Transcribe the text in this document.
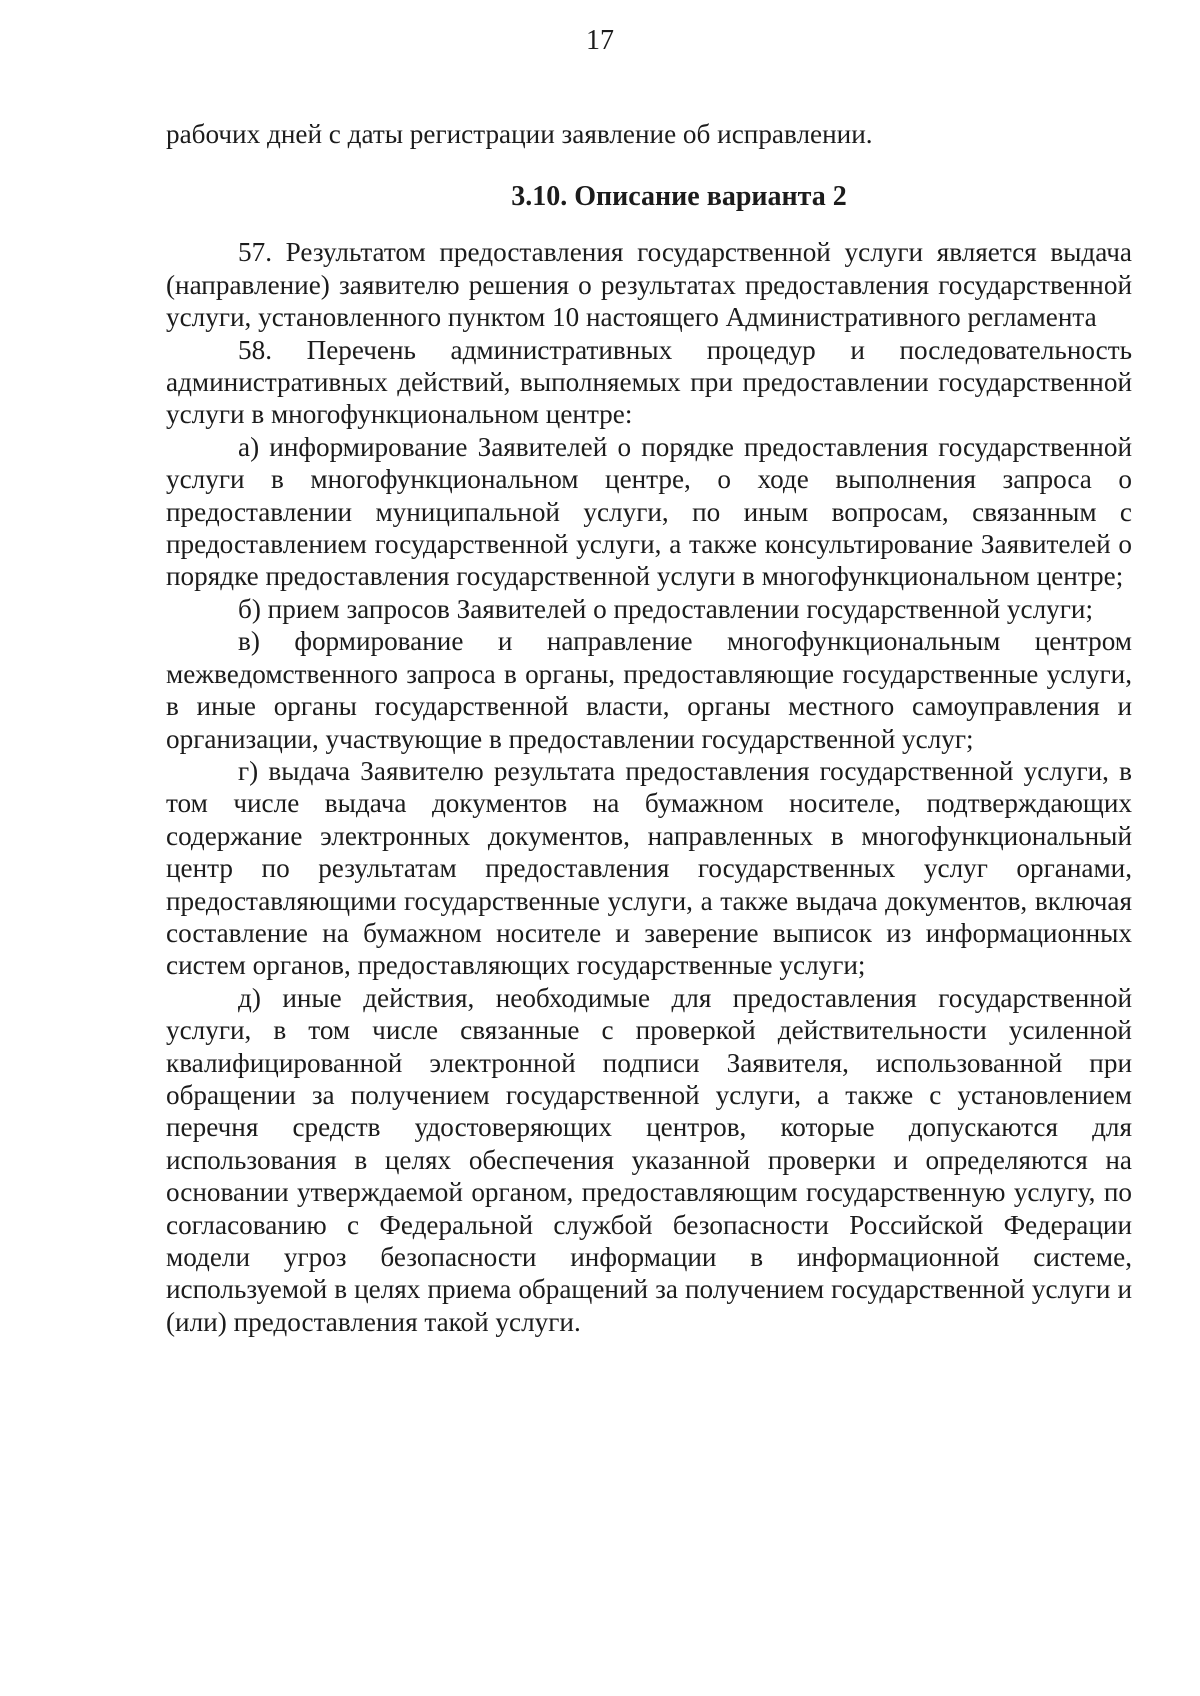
17

рабочих дней с даты регистрации заявление об исправлении.

3.10. Описание варианта 2

57. Результатом предоставления государственной услуги является выдача (направление) заявителю решения о результатах предоставления государственной услуги, установленного пунктом 10 настоящего Административного регламента

58. Перечень административных процедур и последовательность административных действий, выполняемых при предоставлении государственной услуги в многофункциональном центре:

а) информирование Заявителей о порядке предоставления государственной услуги в многофункциональном центре, о ходе выполнения запроса о предоставлении муниципальной услуги, по иным вопросам, связанным с предоставлением государственной услуги, а также консультирование Заявителей о порядке предоставления государственной услуги в многофункциональном центре;

б) прием запросов Заявителей о предоставлении государственной услуги;

в) формирование и направление многофункциональным центром межведомственного запроса в органы, предоставляющие государственные услуги, в иные органы государственной власти, органы местного самоуправления и организации, участвующие в предоставлении государственной услуг;

г) выдача Заявителю результата предоставления государственной услуги, в том числе выдача документов на бумажном носителе, подтверждающих содержание электронных документов, направленных в многофункциональный центр по результатам предоставления государственных услуг органами, предоставляющими государственные услуги, а также выдача документов, включая составление на бумажном носителе и заверение выписок из информационных систем органов, предоставляющих государственные услуги;

д) иные действия, необходимые для предоставления государственной услуги, в том числе связанные с проверкой действительности усиленной квалифицированной электронной подписи Заявителя, использованной при обращении за получением государственной услуги, а также с установлением перечня средств удостоверяющих центров, которые допускаются для использования в целях обеспечения указанной проверки и определяются на основании утверждаемой органом, предоставляющим государственную услугу, по согласованию с Федеральной службой безопасности Российской Федерации модели угроз безопасности информации в информационной системе, используемой в целях приема обращений за получением государственной услуги и (или) предоставления такой услуги.
